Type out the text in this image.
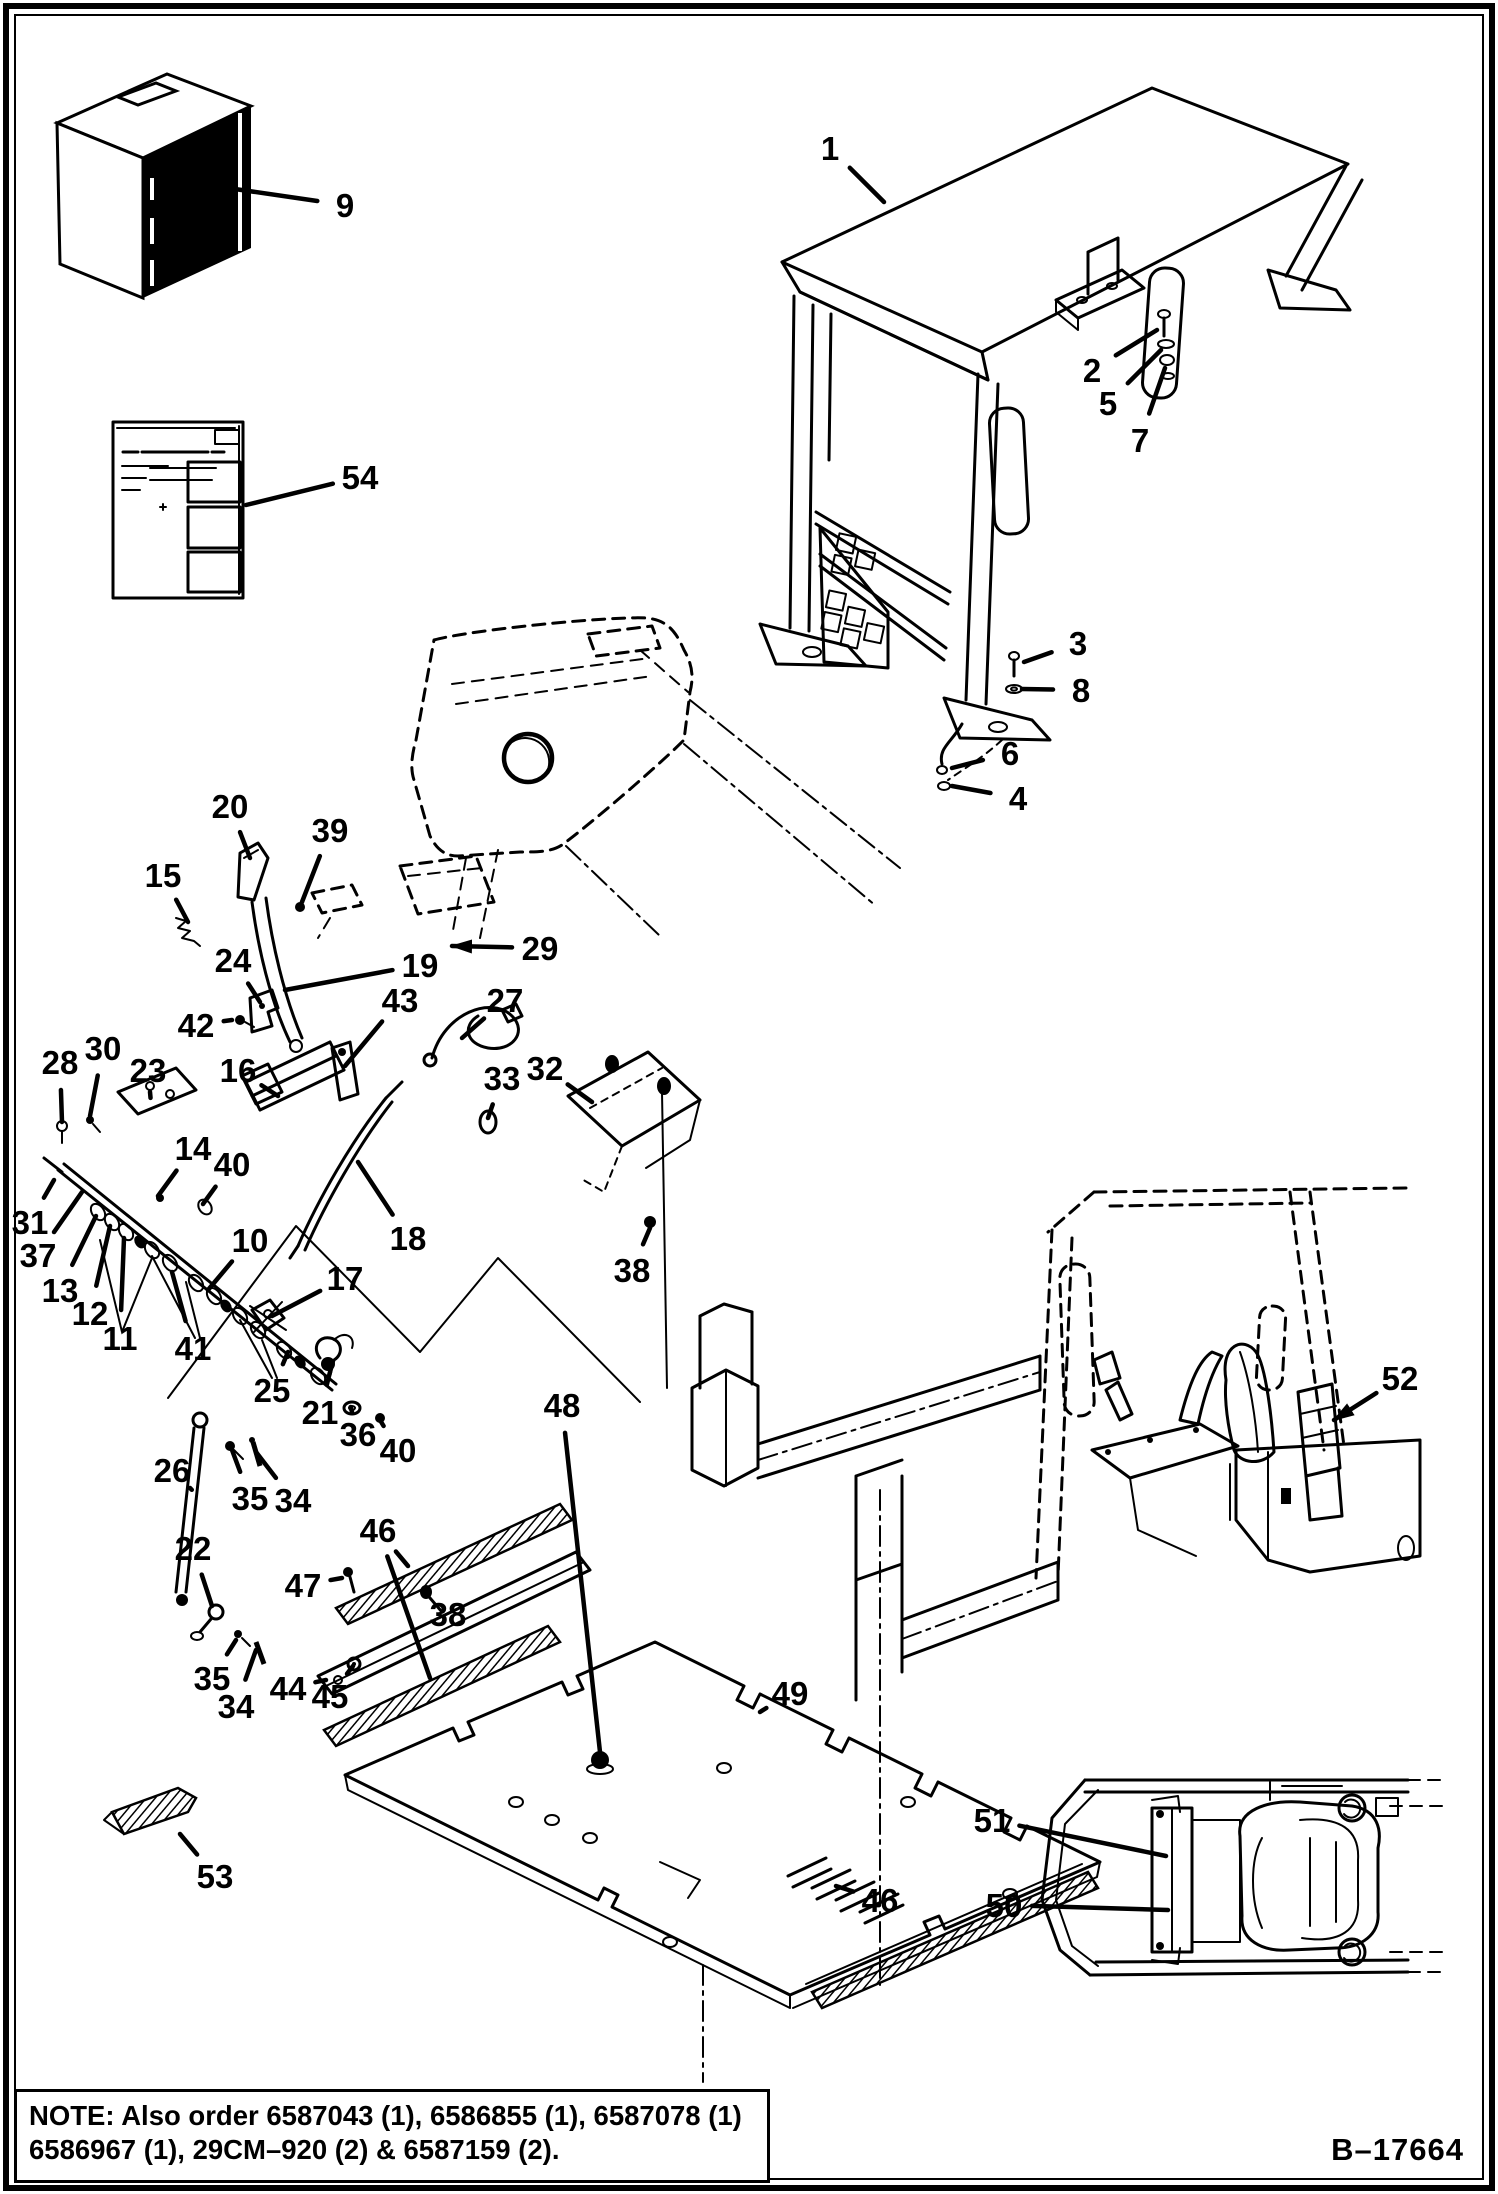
1
2
5
7
3
8
6
4
9
54
20
39
15
24	19	29
42
43 27
16	33 32
28 30
23
14 40
31
37
13
12
11 41
10
17
18
38
25
21
36 40
48
26
35 34
22	46
47
38
35
34 44 45	49
53
46
52
51
50
NOTE: Also order 6587043 (1), 6586855 (1), 6587078 (1)
6586967 (1), 29CM–920 (2) & 6587159 (2).	B–17664
